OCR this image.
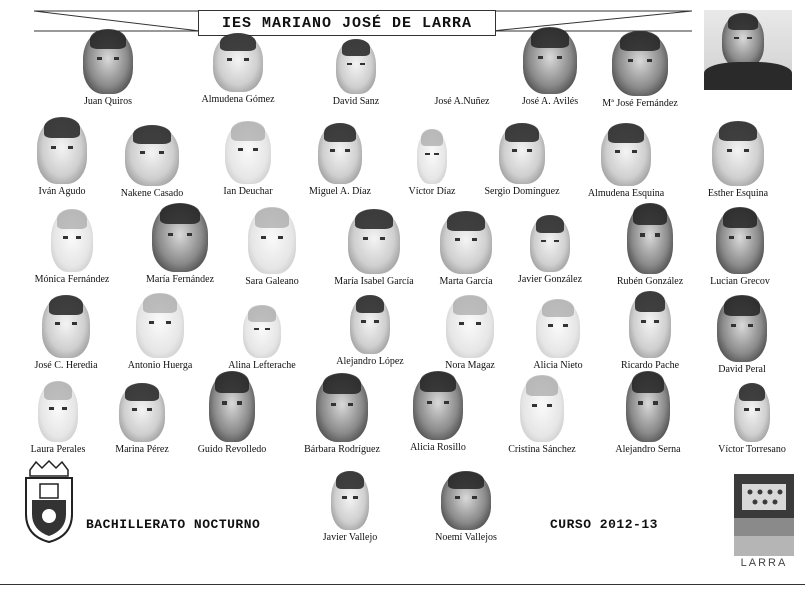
IES MARIANO JOSÉ DE LARRA
Juan Quiros	Almudena Gómez	David Sanz	José A.Nuñez	José A. Avilés	Mª José Fernández
Iván Agudo	Nakene Casado	Ian Deuchar	Miguel A. Díaz	Víctor Díaz	Sergio Domínguez	Almudena Esquina	Esther Esquina
Mónica Fernández	María Fernández	Sara Galeano	María Isabel García	Marta García	Javier González	Rubén González	Lucian Grecov
José C. Heredia	Antonio Huerga	Alina Lefterache	Alejandro López	Nora Magaz	Alicia Nieto	Ricardo Pache	David Peral
Laura Perales	Marina Pérez	Guido Revolledo	Bárbara Rodríguez	Alicia Rosillo	Cristina Sánchez	Alejandro Serna	Víctor Torresano
Javier Vallejo	Noemí Vallejos
BACHILLERATO NOCTURNO	CURSO 2012-13
LARRA
